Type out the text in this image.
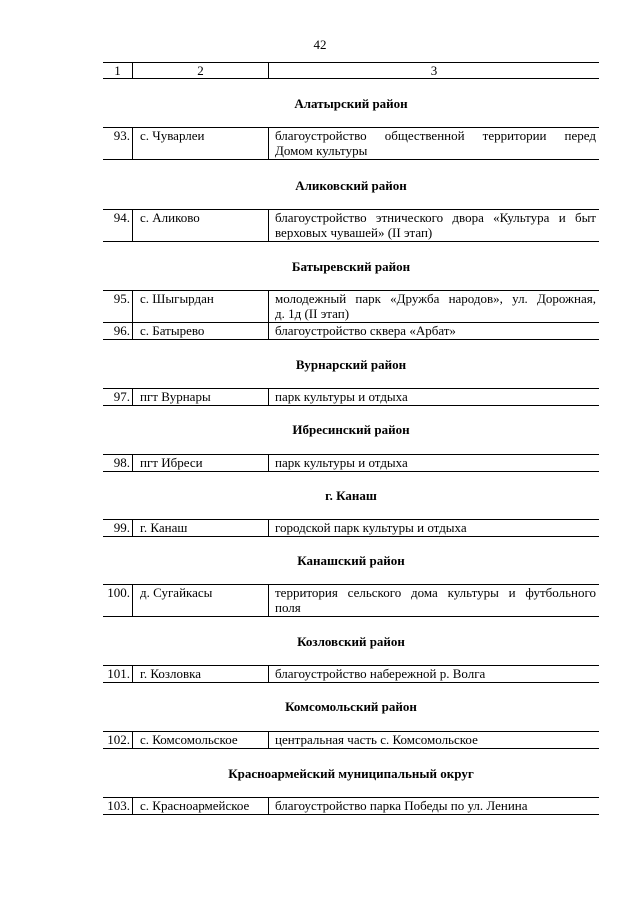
42
1	2	3
Алатырский район
93. с. Чуварлеи	благоустройство общественной территории перед
Домом культуры
Аликовский район
94. с. Аликово	благоустройство этнического двора «Культура и быт
верховых чувашей» (II этап)
Батыревский район
95. с. Шыгырдан	молодежный парк «Дружба народов», ул. Дорожная,
д. 1д (II этап)
96. с. Батырево	благоустройство сквера «Арбат»
Вурнарский район
97. пгт Вурнары	парк культуры и отдыха
Ибресинский район
98. пгт Ибреси	парк культуры и отдыха
г. Канаш
99. г. Канаш	городской парк культуры и отдыха
Канашский район
100. д. Сугайкасы	территория сельского дома культуры и футбольного
поля
Козловский район
101. г. Козловка	благоустройство набережной р. Волга
Комсомольский район
102. с. Комсомольское	центральная часть с. Комсомольское
Красноармейский муниципальный округ
103. с. Красноармейское	благоустройство парка Победы по ул. Ленина
